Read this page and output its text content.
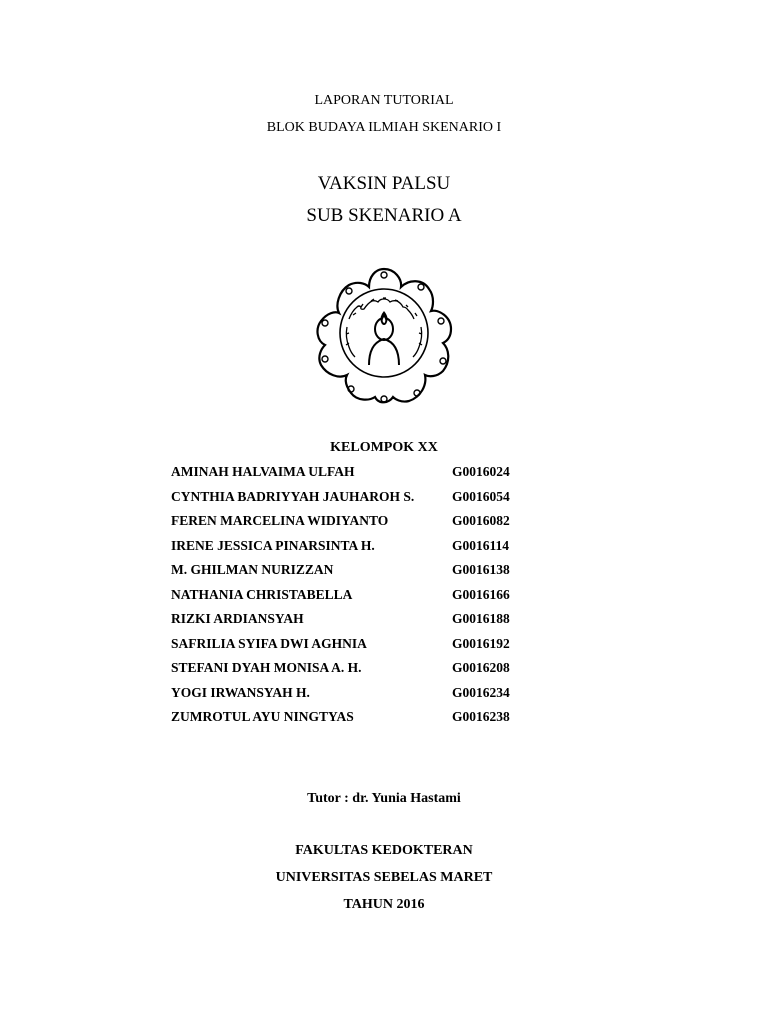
LAPORAN TUTORIAL
BLOK BUDAYA ILMIAH SKENARIO I
VAKSIN PALSU
SUB SKENARIO A
KELOMPOK XX
AMINAH HALVAIMA ULFAH	G0016024
CYNTHIA BADRIYYAH JAUHAROH S.	G0016054
FEREN MARCELINA WIDIYANTO	G0016082
IRENE JESSICA PINARSINTA H.	G0016114
M. GHILMAN NURIZZAN	G0016138
NATHANIA CHRISTABELLA	G0016166
RIZKI ARDIANSYAH	G0016188
SAFRILIA SYIFA DWI AGHNIA	G0016192
STEFANI DYAH MONISA A. H.	G0016208
YOGI IRWANSYAH H.	G0016234
ZUMROTUL AYU NINGTYAS	G0016238
Tutor : dr. Yunia Hastami
FAKULTAS KEDOKTERAN
UNIVERSITAS SEBELAS MARET
TAHUN 2016
